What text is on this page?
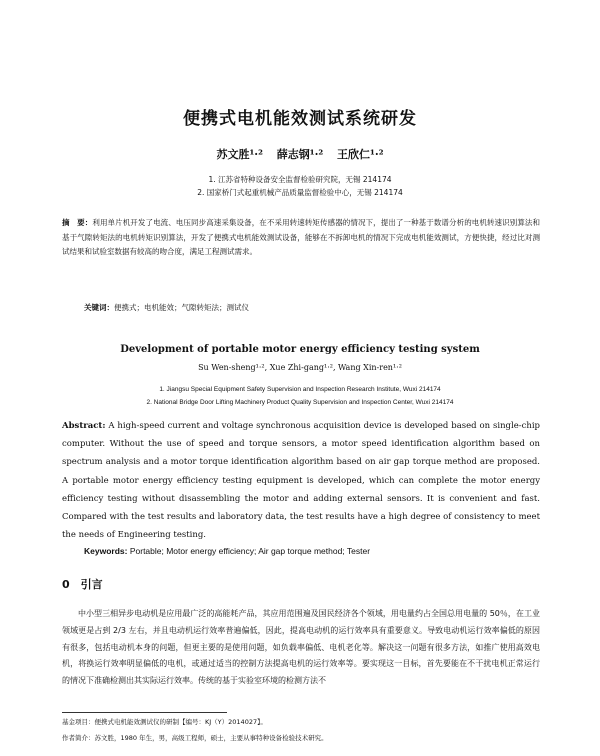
便携式电机能效测试系统研发
苏文胜¹·² 薛志钢¹·² 王欣仁¹·²
1. 江苏省特种设备安全监督检验研究院，无锡 214174
2. 国家桥门式起重机械产品质量监督检验中心，无锡 214174
摘　要：利用单片机开发了电流、电压同步高速采集设备，在不采用转速转矩传感器的情况下，提出了一种基于数谱分析的电机转速识别算法和基于气隙转矩法的电机转矩识别算法，开发了便携式电机能效测试设备，能够在不拆卸电机的情况下完成电机能效测试，方便快捷，经过比对测试结果和试验室数据有较高的吻合度，满足工程测试需求。
关键词：便携式；电机能效；气隙转矩法；测试仪
Development of portable motor energy efficiency testing system
Su Wen-sheng¹·², Xue Zhi-gang¹·², Wang Xin-ren¹·²
1. Jiangsu Special Equipment Safety Supervision and Inspection Research Institute, Wuxi 214174
2. National Bridge Door Lifting Machinery Product Quality Supervision and Inspection Center, Wuxi 214174
Abstract: A high-speed current and voltage synchronous acquisition device is developed based on single-chip computer. Without the use of speed and torque sensors, a motor speed identification algorithm based on spectrum analysis and a motor torque identification algorithm based on air gap torque method are proposed. A portable motor energy efficiency testing equipment is developed, which can complete the motor energy efficiency testing without disassembling the motor and adding external sensors. It is convenient and fast. Compared with the test results and laboratory data, the test results have a high degree of consistency to meet the needs of Engineering testing.
Keywords: Portable; Motor energy efficiency; Air gap torque method; Tester
0　引言
中小型三相异步电动机是应用最广泛的高能耗产品，其应用范围遍及国民经济各个领域，用电量约占全国总用电量的 50％，在工业领域更是占到 2/3 左右，并且电动机运行效率普遍偏低，因此，提高电动机的运行效率具有重要意义。导致电动机运行效率偏低的原因有很多，包括电动机本身的问题，但更主要的是使用问题，如负载率偏低、电机老化等。解决这一问题有很多方法，如推广使用高效电机，将换运行效率明显偏低的电机，或通过适当的控制方法提高电机的运行效率等。要实现这一目标，首先要能在不干扰电机正常运行的情况下准确检测出其实际运行效率。传统的基于实验室环境的检测方法不
基金项目：便携式电机能效测试仪的研制【编号：KJ（Y）2014027】。
作者简介：苏文胜，1980 年生，男，高级工程师，硕士，主要从事特种设备检验技术研究。
